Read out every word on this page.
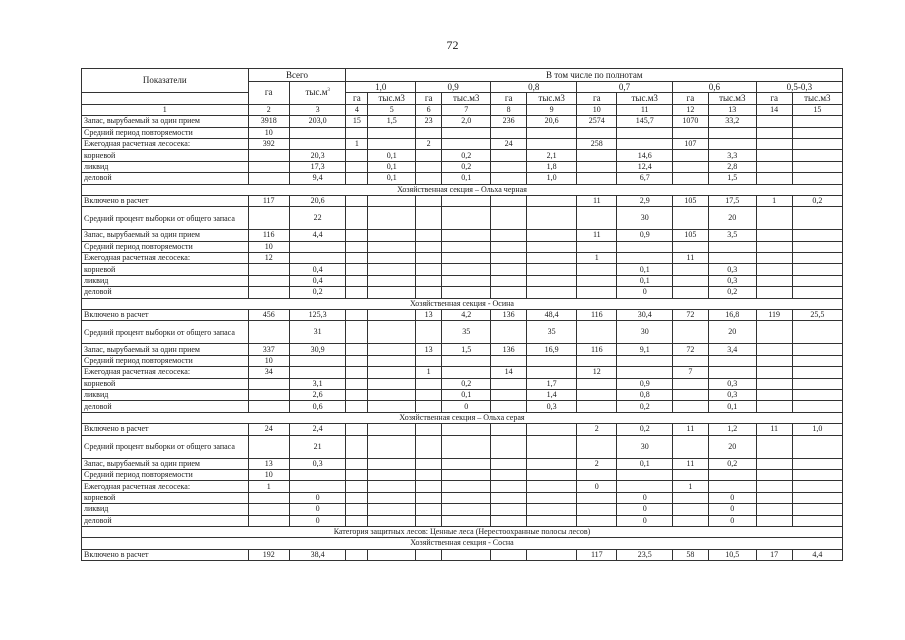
72
Показатели	Всего		В том числе по полнотам											
	га	$тыс.м^3$	1,0		0,9		0,8		0,7		0,6		0,5-0,3	
			га	тыс.м3	га	тыс.м3	га	тыс.м3	га	тыс.м3	га	тыс.м3	га	тыс.м3
1	2	3	4	5	6	7	8	9	10	11	12	13	14	15
Запас, вырубаемый за один прием	3918	203,0	15	1,5	23	2,0	236	20,6	2574	145,7	1070	33,2		
Средний период повторяемости	10													
Ежегодная расчетная лесосека:	392		1		2		24		258		107			
корневой		20,3		0,1		0,2		2,1		14,6		3,3		
ликвид		17,3		0,1		0,2		1,8		12,4		2,8		
деловой		9,4		0,1		0,1		1,0		6,7		1,5		
Хозяйственная секция – Ольха черная														
Включено в расчет	117	20,6							11	2,9	105	17,5	1	0,2
Средний процент выборки от общего запаса		22								30		20		
Запас, вырубаемый за один прием	116	4,4							11	0,9	105	3,5		
Средний период повторяемости	10													
Ежегодная расчетная лесосека:	12								1		11			
корневой		0,4								0,1		0,3		
ликвид		0,4								0,1		0,3		
деловой		0,2								0		0,2		
Хозяйственная секция - Осина														
Включено в расчет	456	125,3			13	4,2	136	48,4	116	30,4	72	16,8	119	25,5
Средний процент выборки от общего запаса		31				35		35		30		20		
Запас, вырубаемый за один прием	337	30,9			13	1,5	136	16,9	116	9,1	72	3,4		
Средний период повторяемости	10													
Ежегодная расчетная лесосека:	34				1		14		12		7			
корневой		3,1				0,2		1,7		0,9		0,3		
ликвид		2,6				0,1		1,4		0,8		0,3		
деловой		0,6				0		0,3		0,2		0,1		
Хозяйственная секция – Ольха серая														
Включено в расчет	24	2,4							2	0,2	11	1,2	11	1,0
Средний процент выборки от общего запаса		21								30		20		
Запас, вырубаемый за один прием	13	0,3							2	0,1	11	0,2		
Средний период повторяемости	10													
Ежегодная расчетная лесосека:	1								0		1			
корневой		0								0		0		
ликвид		0								0		0		
деловой		0								0		0		
Категория защитных лесов: Ценные леса (Нерестоохранные полосы лесов)														
Хозяйственная секция - Сосна														
Включено в расчет	192	38,4							117	23,5	58	10,5	17	4,4
